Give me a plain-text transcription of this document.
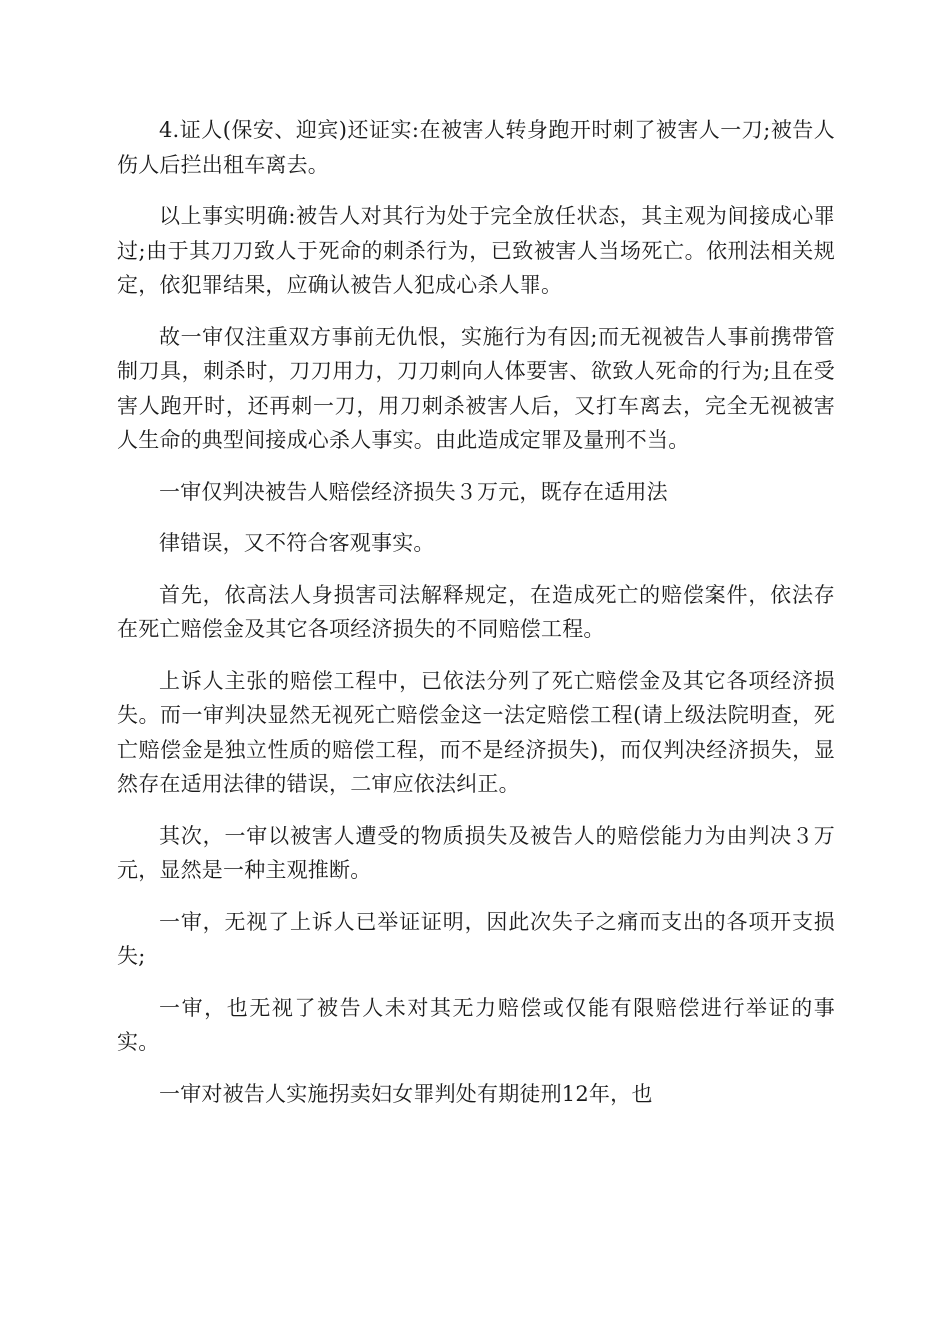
4.证人(保安、迎宾)还证实:在被害人转身跑开时刺了被害人一刀;被告人伤人后拦出租车离去。

以上事实明确:被告人对其行为处于完全放任状态，其主观为间接成心罪过;由于其刀刀致人于死命的刺杀行为，已致被害人当场死亡。依刑法相关规定，依犯罪结果，应确认被告人犯成心杀人罪。

故一审仅注重双方事前无仇恨，实施行为有因;而无视被告人事前携带管制刀具，刺杀时，刀刀用力，刀刀刺向人体要害、欲致人死命的行为;且在受害人跑开时，还再刺一刀，用刀刺杀被害人后，又打车离去，完全无视被害人生命的典型间接成心杀人事实。由此造成定罪及量刑不当。

一审仅判决被告人赔偿经济损失３万元，既存在适用法

律错误，又不符合客观事实。

首先，依高法人身损害司法解释规定，在造成死亡的赔偿案件，依法存在死亡赔偿金及其它各项经济损失的不同赔偿工程。

上诉人主张的赔偿工程中，已依法分列了死亡赔偿金及其它各项经济损失。而一审判决显然无视死亡赔偿金这一法定赔偿工程(请上级法院明查，死亡赔偿金是独立性质的赔偿工程，而不是经济损失)，而仅判决经济损失，显然存在适用法律的错误，二审应依法纠正。

其次，一审以被害人遭受的物质损失及被告人的赔偿能力为由判决３万元，显然是一种主观推断。

一审，无视了上诉人已举证证明，因此次失子之痛而支出的各项开支损失;

一审，也无视了被告人未对其无力赔偿或仅能有限赔偿进行举证的事实。

一审对被告人实施拐卖妇女罪判处有期徒刑12年，也
